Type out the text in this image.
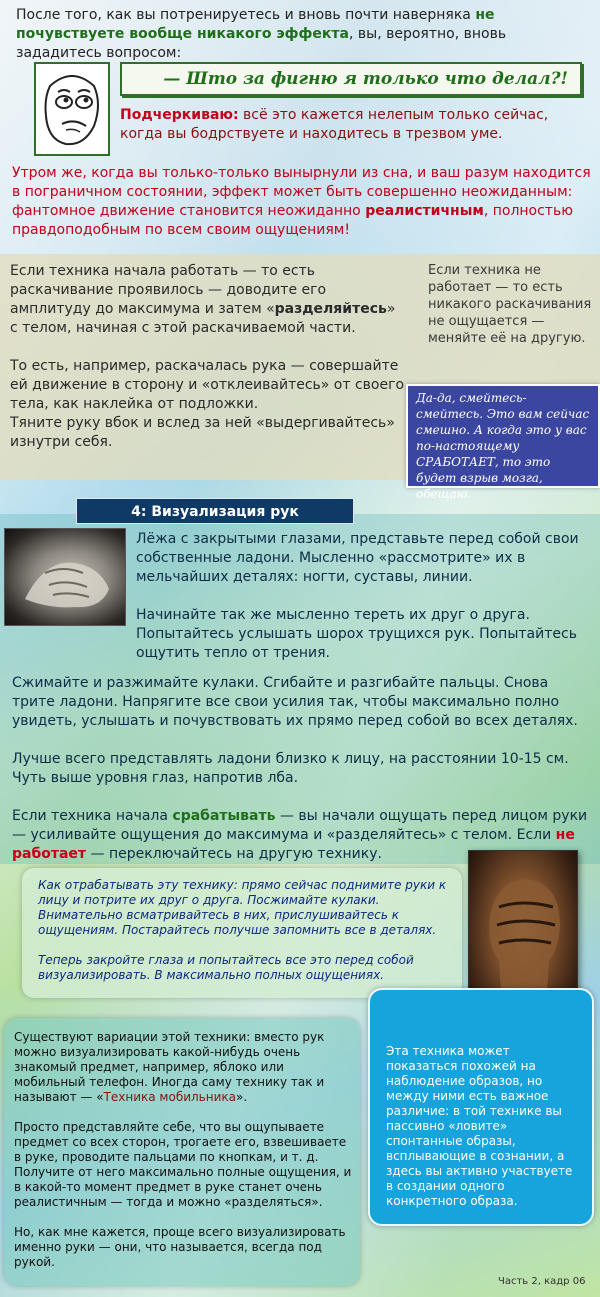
После того, как вы потренируетесь и вновь почти наверняка не почувствуете вообще никакого эффекта, вы, вероятно, вновь зададитесь вопросом:
— Што за фигню я только что делал?!
Подчеркиваю: всё это кажется нелепым только сейчас, когда вы бодрствуете и находитесь в трезвом уме.
Утром же, когда вы только-только вынырнули из сна, и ваш разум находится в пограничном состоянии, эффект может быть совершенно неожиданным: фантомное движение становится неожиданно реалистичным, полностью правдоподобным по всем своим ощущениям!

Если техника начала работать — то есть раскачивание проявилось — доводите его амплитуду до максимума и затем «разделяйтесь» с телом, начиная с этой раскачиваемой части.

То есть, например, раскачалась рука — совершайте ей движение в сторону и «отклеивайтесь» от своего тела, как наклейка от подложки.
Тяните руку вбок и вслед за ней «выдергивайтесь» изнутри себя.

Если техника не работает — то есть никакого раскачивания не ощущается — меняйте её на другую.
Да-да, смейтесь-смейтесь. Это вам сейчас смешно. А когда это у вас по-настоящему СРАБОТАЕТ, то это будет взрыв мозга, обещаю.
4: Визуализация рук

Лёжа с закрытыми глазами, представьте перед собой свои собственные ладони. Мысленно «рассмотрите» их в мельчайших деталях: ногти, суставы, линии.

Начинайте так же мысленно тереть их друг о друга. Попытайтесь услышать шорох трущихся рук. Попытайтесь ощутить тепло от трения.

Сжимайте и разжимайте кулаки. Сгибайте и разгибайте пальцы. Снова трите ладони. Напрягите все свои усилия так, чтобы максимально полно увидеть, услышать и почувствовать их прямо перед собой во всех деталях.

Лучше всего представлять ладони близко к лицу, на расстоянии 10-15 см. Чуть выше уровня глаз, напротив лба.

Если техника начала срабатывать — вы начали ощущать перед лицом руки — усиливайте ощущения до максимума и «разделяйтесь» с телом. Если не работает — переключайтесь на другую технику.

Как отрабатывать эту технику: прямо сейчас поднимите руки к лицу и потрите их друг о друга. Посжимайте кулаки. Внимательно всматривайтесь в них, прислушивайтесь к ощущениям. Постарайтесь получше запомнить все в деталях.

Теперь закройте глаза и попытайтесь все это перед собой визуализировать. В максимально полных ощущениях.

Существуют вариации этой техники: вместо рук можно визуализировать какой-нибудь очень знакомый предмет, например, яблоко или мобильный телефон. Иногда саму технику так и называют — «Техника мобильника».

Просто представляйте себе, что вы ощупываете предмет со всех сторон, трогаете его, взвешиваете в руке, проводите пальцами по кнопкам, и т. д. Получите от него максимально полные ощущения, и в какой-то момент предмет в руке станет очень реалистичным — тогда и можно «разделяться».

Но, как мне кажется, проще всего визуализировать именно руки — они, что называется, всегда под рукой.

Эта техника может показаться похожей на наблюдение образов, но между ними есть важное различие: в той технике вы пассивно «ловите» спонтанные образы, всплывающие в сознании, а здесь вы активно участвуете в создании одного конкретного образа.
Часть 2, кадр 06
